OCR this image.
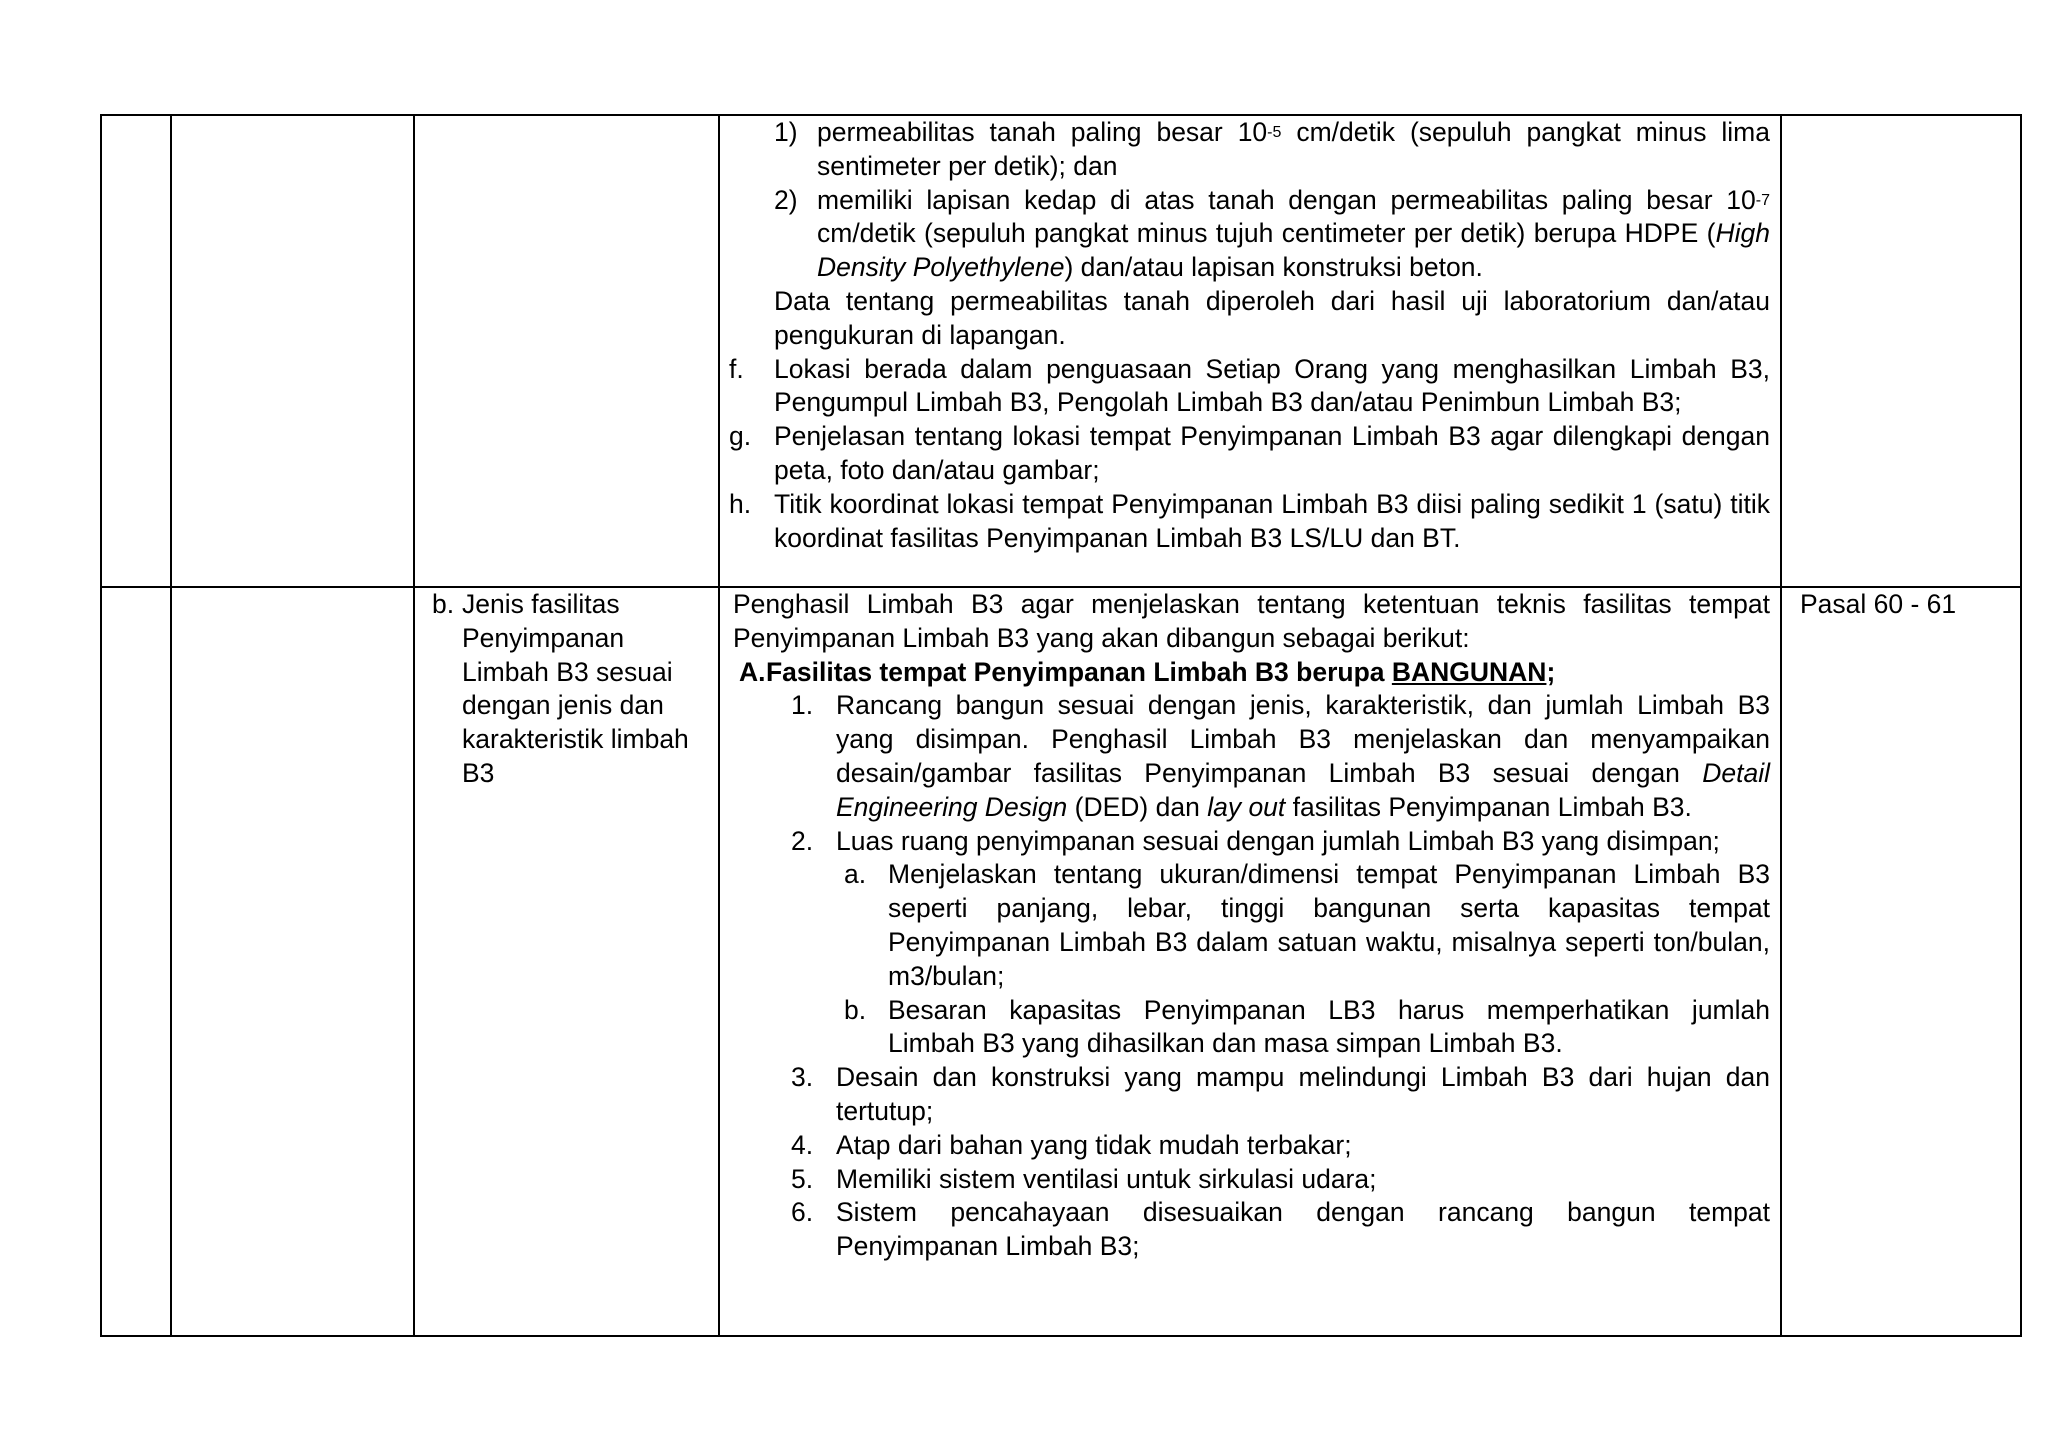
1) permeabilitas tanah paling besar $10^{-5}$ cm/detik (sepuluh pangkat minus lima sentimeter per detik); dan
2) memiliki lapisan kedap di atas tanah dengan permeabilitas paling besar $10^{-7}$ cm/detik (sepuluh pangkat minus tujuh centimeter per detik) berupa HDPE (High Density Polyethylene) dan/atau lapisan konstruksi beton.
Data tentang permeabilitas tanah diperoleh dari hasil uji laboratorium dan/atau pengukuran di lapangan.
f. Lokasi berada dalam penguasaan Setiap Orang yang menghasilkan Limbah B3, Pengumpul Limbah B3, Pengolah Limbah B3 dan/atau Penimbun Limbah B3;
g. Penjelasan tentang lokasi tempat Penyimpanan Limbah B3 agar dilengkapi dengan peta, foto dan/atau gambar;
h. Titik koordinat lokasi tempat Penyimpanan Limbah B3 diisi paling sedikit 1 (satu) titik koordinat fasilitas Penyimpanan Limbah B3 LS/LU dan BT.
b. Jenis fasilitas Penyimpanan Limbah B3 sesuai dengan jenis dan karakteristik limbah B3
Penghasil Limbah B3 agar menjelaskan tentang ketentuan teknis fasilitas tempat Penyimpanan Limbah B3 yang akan dibangun sebagai berikut:
A. Fasilitas tempat Penyimpanan Limbah B3 berupa BANGUNAN;
1. Rancang bangun sesuai dengan jenis, karakteristik, dan jumlah Limbah B3 yang disimpan. Penghasil Limbah B3 menjelaskan dan menyampaikan desain/gambar fasilitas Penyimpanan Limbah B3 sesuai dengan Detail Engineering Design (DED) dan lay out fasilitas Penyimpanan Limbah B3.
2. Luas ruang penyimpanan sesuai dengan jumlah Limbah B3 yang disimpan;
a. Menjelaskan tentang ukuran/dimensi tempat Penyimpanan Limbah B3 seperti panjang, lebar, tinggi bangunan serta kapasitas tempat Penyimpanan Limbah B3 dalam satuan waktu, misalnya seperti ton/bulan, m3/bulan;
b. Besaran kapasitas Penyimpanan LB3 harus memperhatikan jumlah Limbah B3 yang dihasilkan dan masa simpan Limbah B3.
3. Desain dan konstruksi yang mampu melindungi Limbah B3 dari hujan dan tertutup;
4. Atap dari bahan yang tidak mudah terbakar;
5. Memiliki sistem ventilasi untuk sirkulasi udara;
6. Sistem pencahayaan disesuaikan dengan rancang bangun tempat Penyimpanan Limbah B3;
Pasal 60 - 61
